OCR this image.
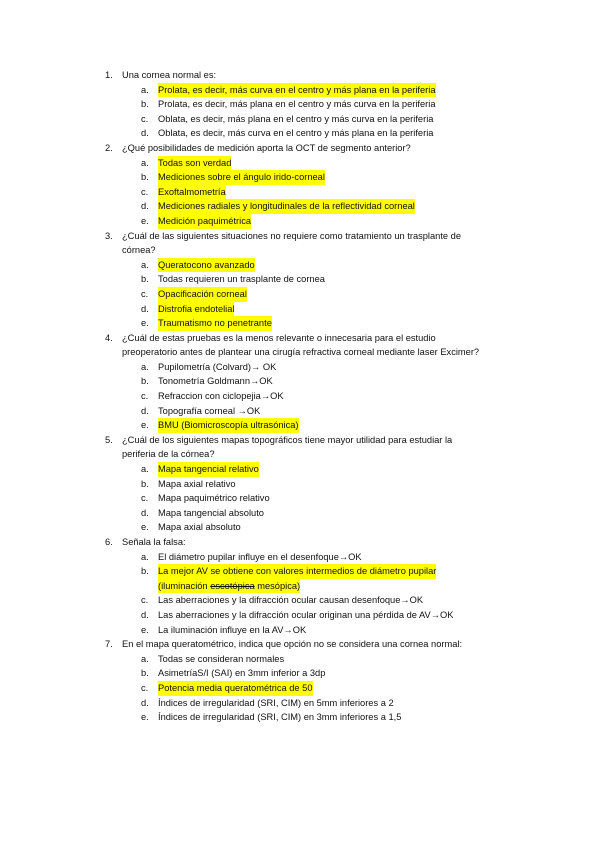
1. Una cornea normal es:
a. Prolata, es decir, más curva en el centro y más plana en la periferia
b. Prolata, es decir, más plana en el centro y más curva en la periferia
c. Oblata, es decir, más plana en el centro y más curva en la periferia
d. Oblata, es decir, más curva en el centro y más plana en la periferia
2. ¿Qué posibilidades de medición aporta la OCT de segmento anterior?
a. Todas son verdad
b. Mediciones sobre el ángulo irido-corneal
c. Exoftalmometría
d. Mediciones radiales y longitudinales de la reflectividad corneal
e. Medición paquimétrica
3. ¿Cuál de las siguientes situaciones no requiere como tratamiento un trasplante de
córnea?
a. Queratocono avanzado
b. Todas requieren un trasplante de cornea
c. Opacificación corneal
d. Distrofia endotelial
e. Traumatismo no penetrante
4. ¿Cuál de estas pruebas es la menos relevante o innecesaria para el estudio
preoperatorio antes de plantear una cirugía refractiva corneal mediante laser Excimer?
a. Pupilometría (Colvard)→ OK
b. Tonometría Goldmann→OK
c. Refraccion con ciclopejia→OK
d. Topografía corneal →OK
e. BMU (Biomicroscopía ultrasónica)
5. ¿Cuál de los siguientes mapas topográficos tiene mayor utilidad para estudiar la
periferia de la córnea?
a. Mapa tangencial relativo
b. Mapa axial relativo
c. Mapa paquimétrico relativo
d. Mapa tangencial absoluto
e. Mapa axial absoluto
6. Señala la falsa:
a. El diámetro pupilar influye en el desenfoque→OK
b. La mejor AV se obtiene con valores intermedios de diámetro pupilar
(iluminación escotópica mesópica)
c. Las aberraciones y la difracción ocular causan desenfoque→OK
d. Las aberraciones y la difracción ocular originan una pérdida de AV→OK
e. La iluminación influye en la AV→OK
7. En el mapa queratométrico, indica que opción no se considera una cornea normal:
a. Todas se consideran normales
b. AsimetríaS/I (SAI) en 3mm inferior a 3dp
c. Potencia media queratométrica de 50
d. Índices de irregularidad (SRI, CIM) en 5mm inferiores a 2
e. Índices de irregularidad (SRI, CIM) en 3mm inferiores a 1,5
